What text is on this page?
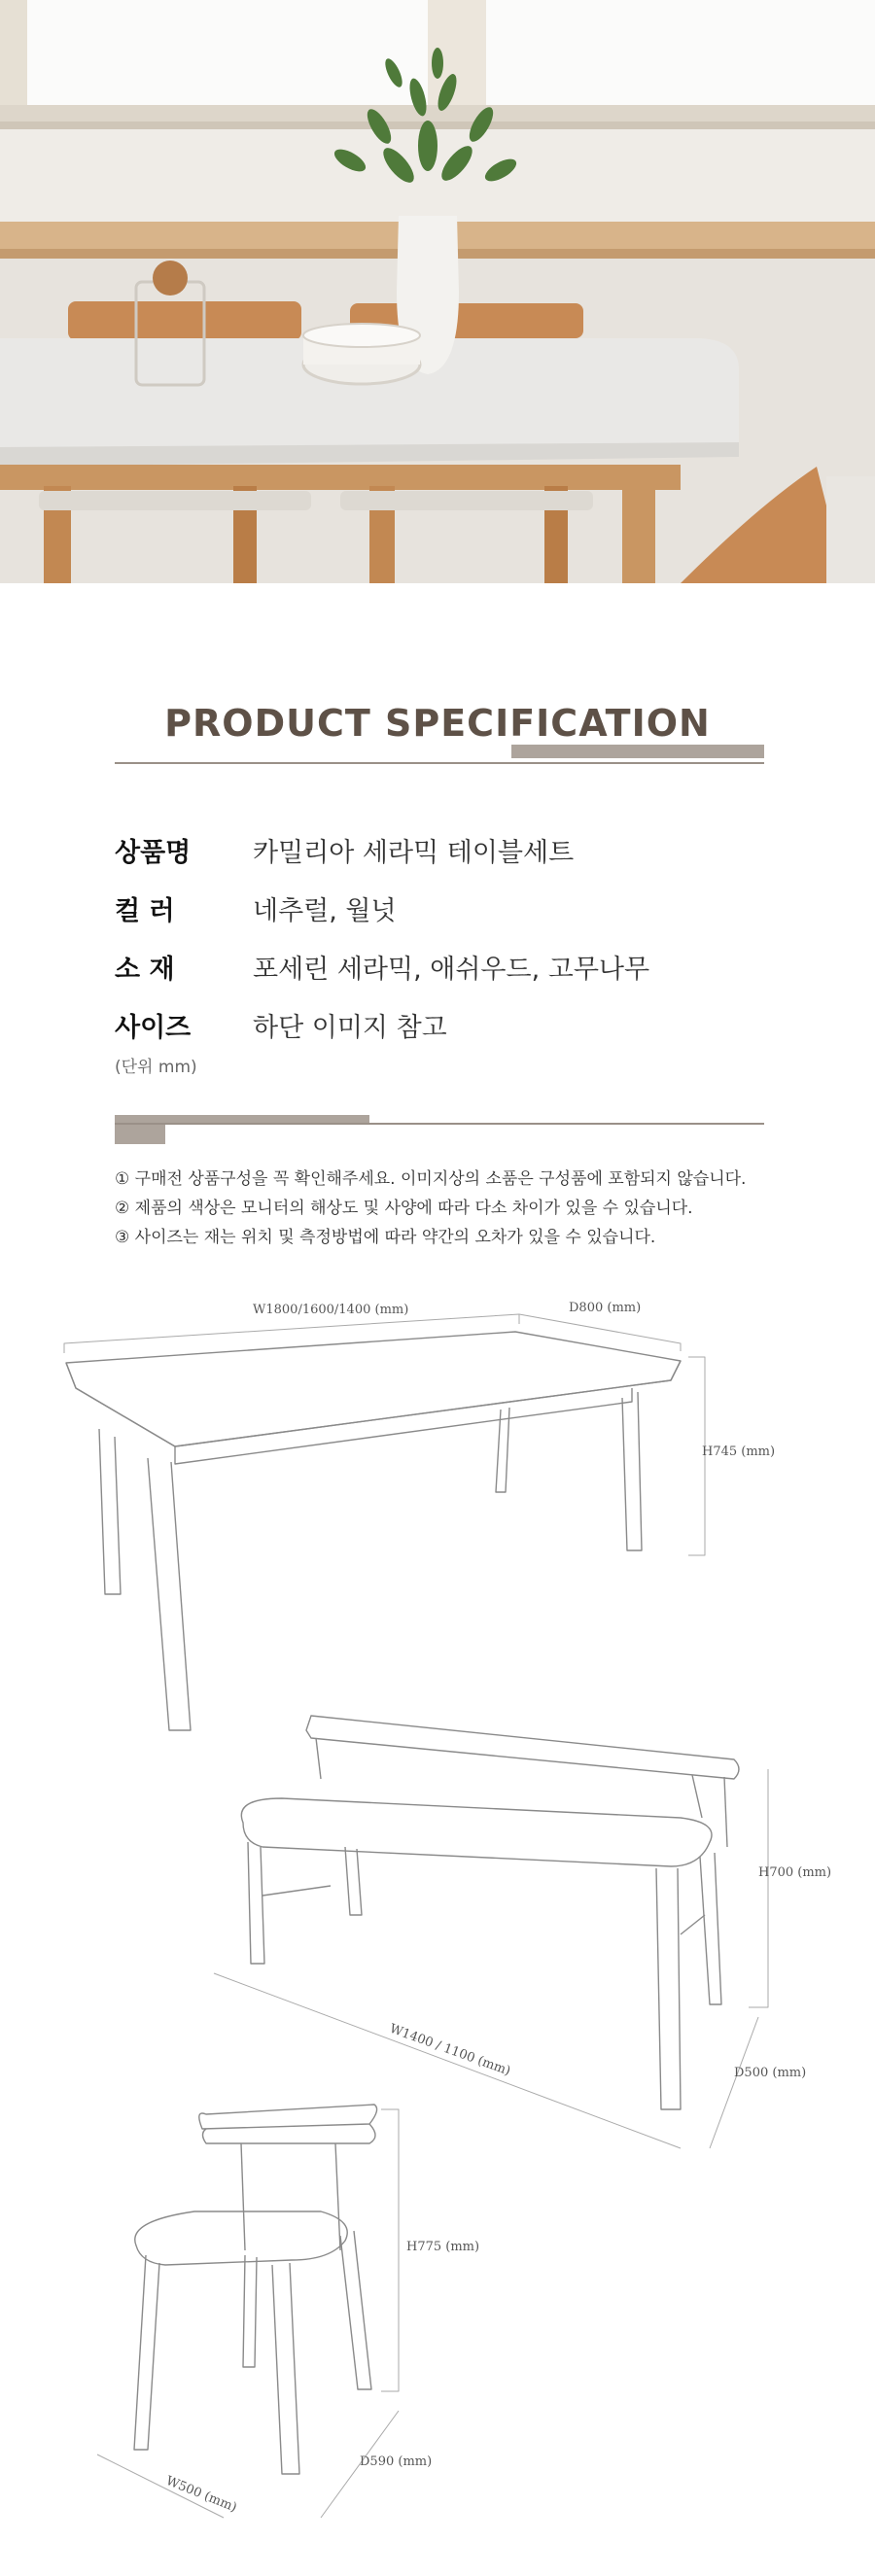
PRODUCT SPECIFICATION
상품명	카밀리아 세라믹 테이블세트
컬 러	네추럴, 월넛
소 재	포세린 세라믹, 애쉬우드, 고무나무
사이즈	하단 이미지 참고
(단위 mm)
① 구매전 상품구성을 꼭 확인해주세요. 이미지상의 소품은 구성품에 포함되지 않습니다.
② 제품의 색상은 모니터의 해상도 및 사양에 따라 다소 차이가 있을 수 있습니다.
③ 사이즈는 재는 위치 및 측정방법에 따라 약간의 오차가 있을 수 있습니다.
W1800/1600/1400 (mm)	D800 (mm)
H745 (mm)
H700 (mm)
W1400 / 1100 (mm)	D500 (mm)
H775 (mm)
W500 (mm)
D590 (mm)
